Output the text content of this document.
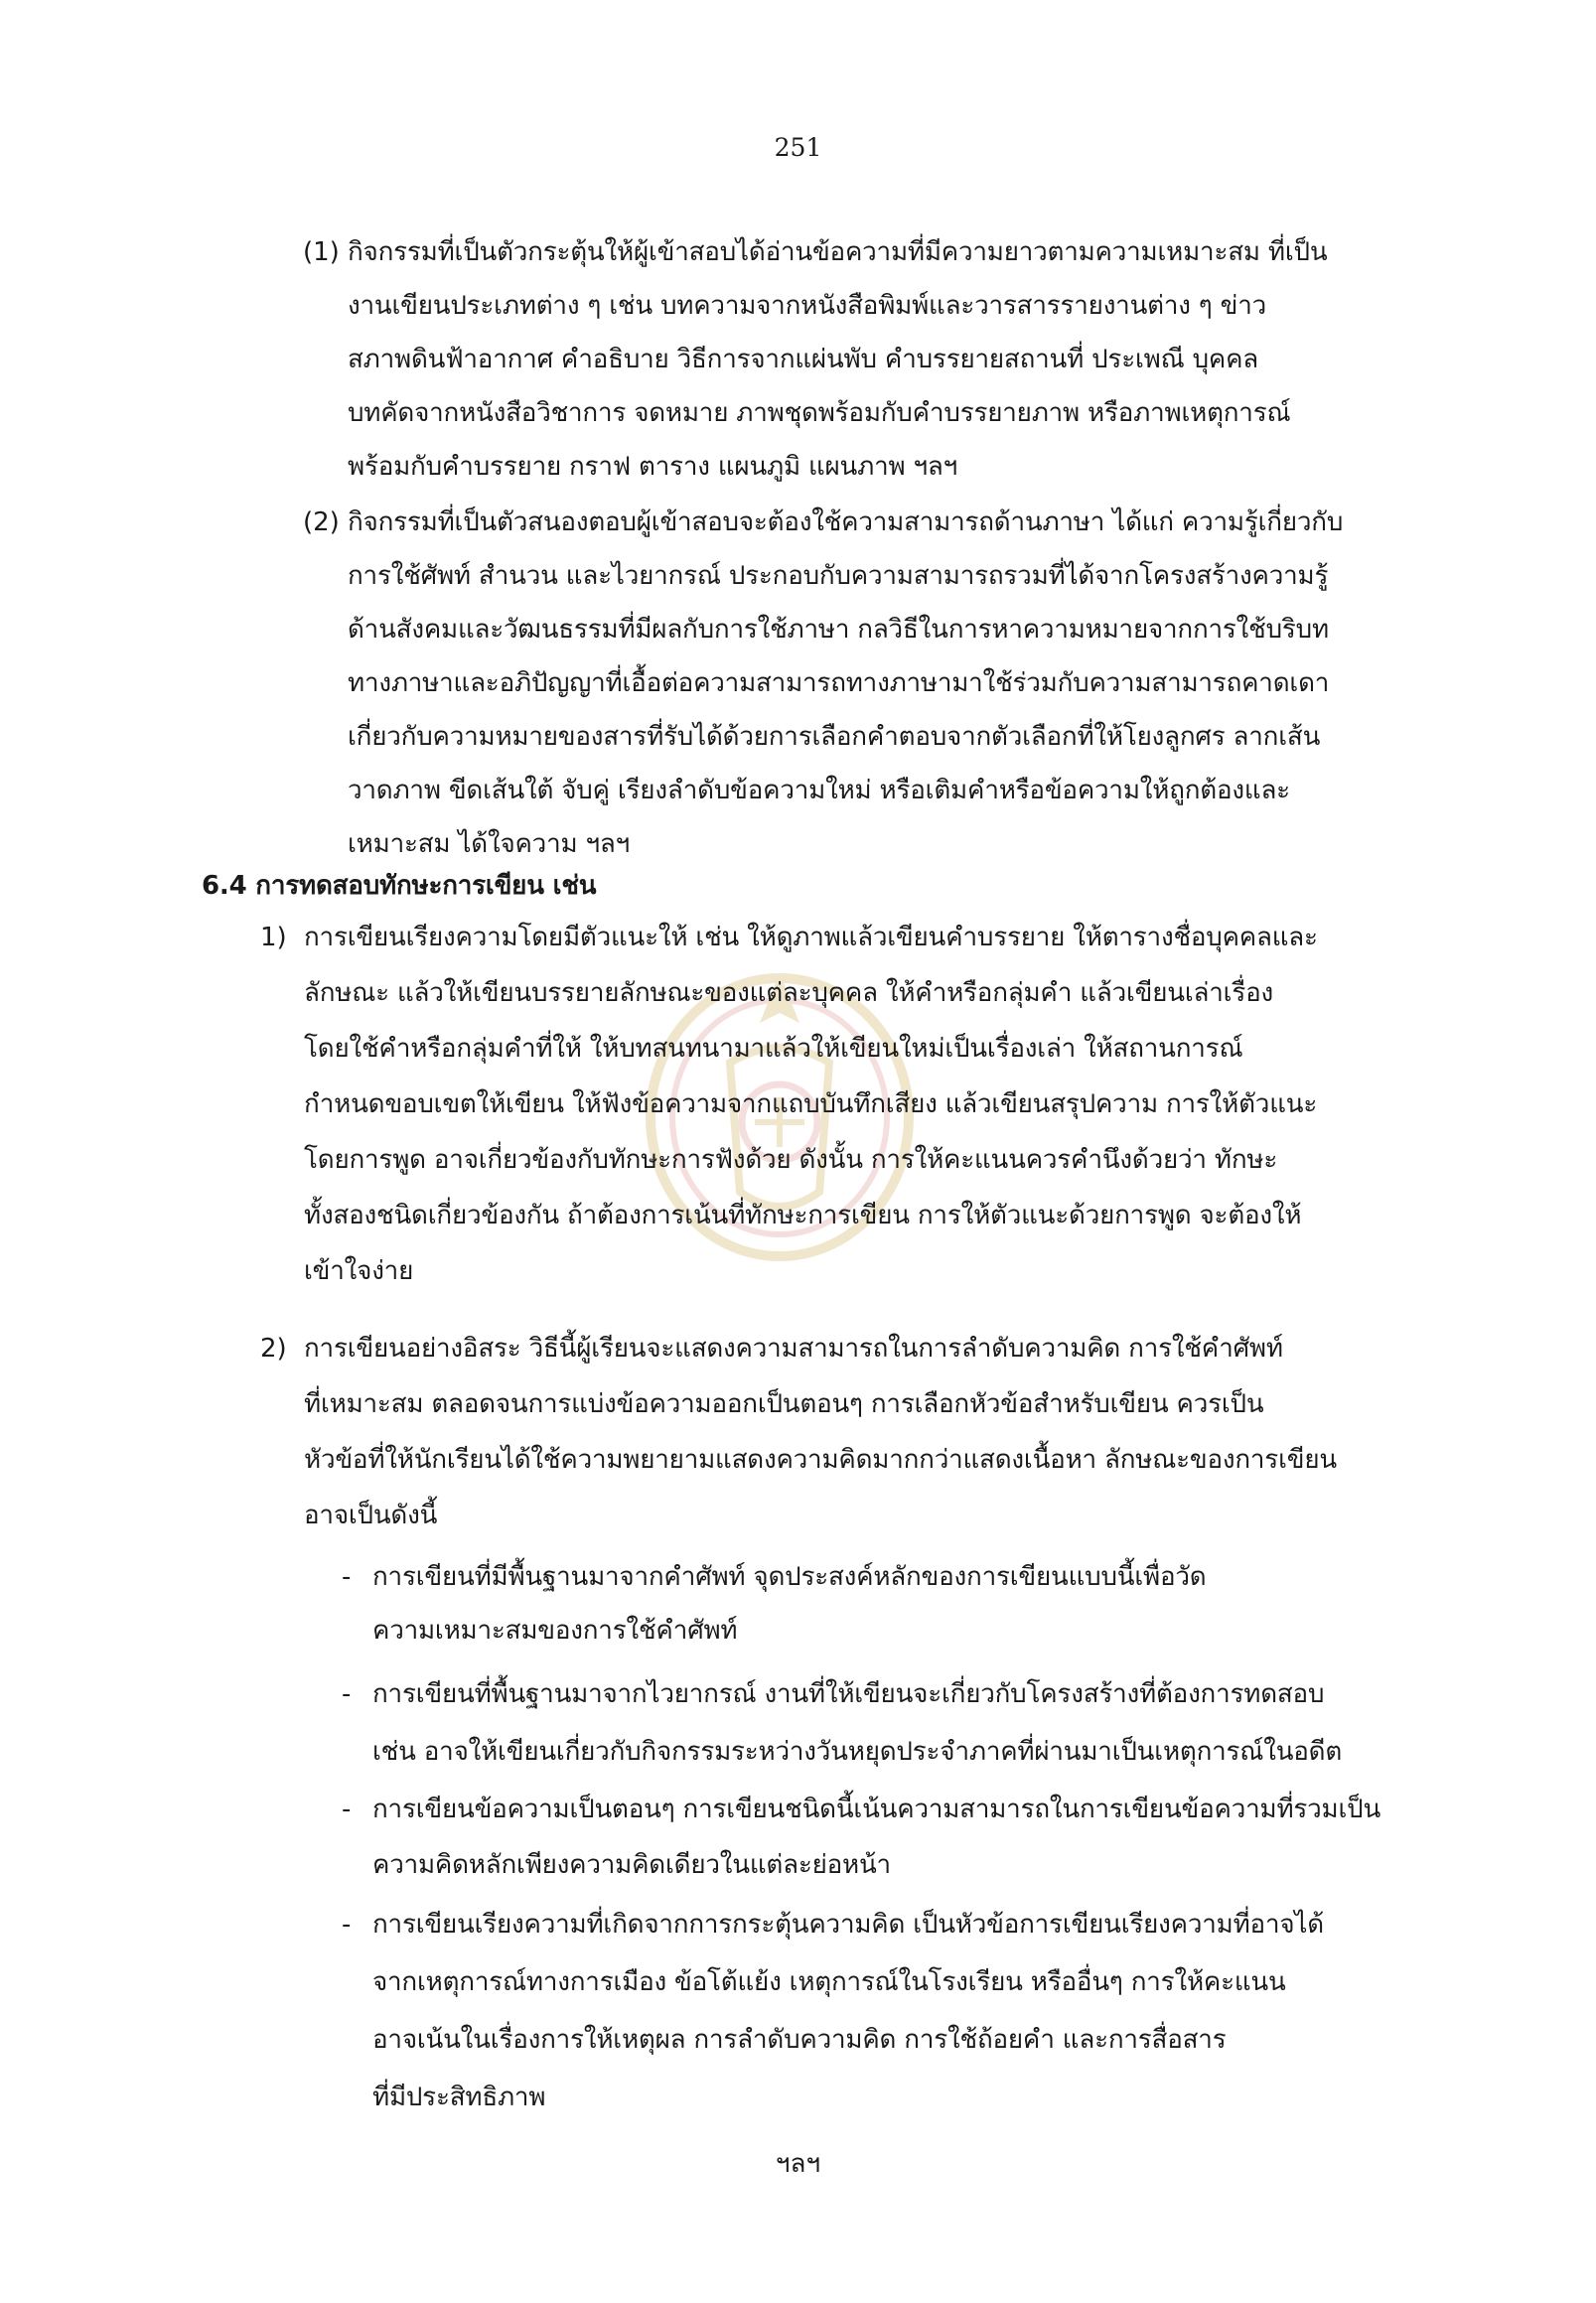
251
(1) กิจกรรมที่เป็นตัวกระตุ้นให้ผู้เข้าสอบได้อ่านข้อความที่มีความยาวตามความเหมาะสม ที่เป็น
งานเขียนประเภทต่าง ๆ เช่น บทความจากหนังสือพิมพ์และวารสารรายงานต่าง ๆ ข่าว
สภาพดินฟ้าอากาศ คำอธิบาย วิธีการจากแผ่นพับ คำบรรยายสถานที่ ประเพณี บุคคล
บทคัดจากหนังสือวิชาการ จดหมาย ภาพชุดพร้อมกับคำบรรยายภาพ หรือภาพเหตุการณ์
พร้อมกับคำบรรยาย กราฟ ตาราง แผนภูมิ แผนภาพ ฯลฯ
(2) กิจกรรมที่เป็นตัวสนองตอบผู้เข้าสอบจะต้องใช้ความสามารถด้านภาษา ได้แก่ ความรู้เกี่ยวกับ
การใช้ศัพท์ สำนวน และไวยากรณ์ ประกอบกับความสามารถรวมที่ได้จากโครงสร้างความรู้
ด้านสังคมและวัฒนธรรมที่มีผลกับการใช้ภาษา กลวิธีในการหาความหมายจากการใช้บริบท
ทางภาษาและอภิปัญญาที่เอื้อต่อความสามารถทางภาษามาใช้ร่วมกับความสามารถคาดเดา
เกี่ยวกับความหมายของสารที่รับได้ด้วยการเลือกคำตอบจากตัวเลือกที่ให้โยงลูกศร ลากเส้น
วาดภาพ ขีดเส้นใต้ จับคู่ เรียงลำดับข้อความใหม่ หรือเติมคำหรือข้อความให้ถูกต้องและ
เหมาะสม ได้ใจความ ฯลฯ
6.4 การทดสอบทักษะการเขียน เช่น
1) การเขียนเรียงความโดยมีตัวแนะให้ เช่น ให้ดูภาพแล้วเขียนคำบรรยาย ให้ตารางชื่อบุคคลและ
ลักษณะ แล้วให้เขียนบรรยายลักษณะของแต่ละบุคคล ให้คำหรือกลุ่มคำ แล้วเขียนเล่าเรื่อง
โดยใช้คำหรือกลุ่มคำที่ให้ ให้บทสนทนามาแล้วให้เขียนใหม่เป็นเรื่องเล่า ให้สถานการณ์
กำหนดขอบเขตให้เขียน ให้ฟังข้อความจากแถบบันทึกเสียง แล้วเขียนสรุปความ การให้ตัวแนะ
โดยการพูด อาจเกี่ยวข้องกับทักษะการฟังด้วย ดังนั้น การให้คะแนนควรคำนึงด้วยว่า ทักษะ
ทั้งสองชนิดเกี่ยวข้องกัน ถ้าต้องการเน้นที่ทักษะการเขียน การให้ตัวแนะด้วยการพูด จะต้องให้
เข้าใจง่าย
2) การเขียนอย่างอิสระ วิธีนี้ผู้เรียนจะแสดงความสามารถในการลำดับความคิด การใช้คำศัพท์
ที่เหมาะสม ตลอดจนการแบ่งข้อความออกเป็นตอนๆ การเลือกหัวข้อสำหรับเขียน ควรเป็น
หัวข้อที่ให้นักเรียนได้ใช้ความพยายามแสดงความคิดมากกว่าแสดงเนื้อหา ลักษณะของการเขียน
อาจเป็นดังนี้
- การเขียนที่มีพื้นฐานมาจากคำศัพท์ จุดประสงค์หลักของการเขียนแบบนี้เพื่อวัด
ความเหมาะสมของการใช้คำศัพท์
- การเขียนที่พื้นฐานมาจากไวยากรณ์ งานที่ให้เขียนจะเกี่ยวกับโครงสร้างที่ต้องการทดสอบ
เช่น อาจให้เขียนเกี่ยวกับกิจกรรมระหว่างวันหยุดประจำภาคที่ผ่านมาเป็นเหตุการณ์ในอดีต
- การเขียนข้อความเป็นตอนๆ การเขียนชนิดนี้เน้นความสามารถในการเขียนข้อความที่รวมเป็น
ความคิดหลักเพียงความคิดเดียวในแต่ละย่อหน้า
- การเขียนเรียงความที่เกิดจากการกระตุ้นความคิด เป็นหัวข้อการเขียนเรียงความที่อาจได้
จากเหตุการณ์ทางการเมือง ข้อโต้แย้ง เหตุการณ์ในโรงเรียน หรืออื่นๆ การให้คะแนน
อาจเน้นในเรื่องการให้เหตุผล การลำดับความคิด การใช้ถ้อยคำ และการสื่อสาร
ที่มีประสิทธิภาพ
ฯลฯ
